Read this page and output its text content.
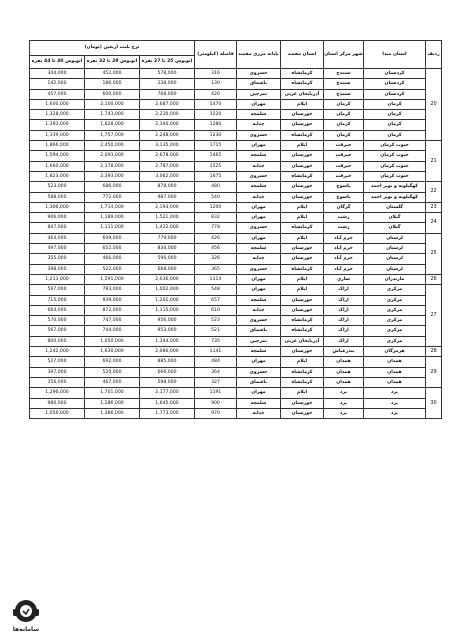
ردیف	استان مبدا	شهر مرکز استان	استان مقصد	پایانه مرزی مقصد	فاصله (کیلومتر)	نرخ بلیت اربعین (تومان)		
						اتوبوس 25 تا 27 نفره	اتوبوس 29 تا 32 نفره	اتوبوس 40 تا 44 نفره
20	کردستان	سنندج	کرمانشاه	خسروی	316	578,000	452,000	344,000
	کردستان	سنندج	کرمانشاه	باشماق	130	238,000	186,000	142,000
	کردستان	سنندج	آذربایجان غربی	تمرچین	420	768,000	600,000	457,000
	کرمان	کرمان	ایلام	مهران	1470	2,687,000	2,100,000	1,600,000
	کرمان	کرمان	خوزستان	شلمچه	1220	2,230,000	1,743,000	1,328,000
	کرمان	کرمان	خوزستان	چذابه	1280	2,340,000	1,828,000	1,393,000
	کرمان	کرمان	کرمانشاه	خسروی	1230	2,248,000	1,757,000	1,339,000
21	جنوب کرمان	جیرفت	ایلام	مهران	1715	3,135,000	2,450,000	1,866,000
	جنوب کرمان	جیرفت	خوزستان	شلمچه	1465	2,678,000	2,093,000	1,594,000
	جنوب کرمان	جیرفت	خوزستان	چذابه	1525	2,787,000	2,178,000	1,660,000
	جنوب کرمان	جیرفت	کرمانشاه	خسروی	1675	3,062,000	2,393,000	1,823,000
22	کهگیلویه و بویر احمد	یاسوج	خوزستان	شلمچه	480	878,000	686,000	523,000
	کهگیلویه و بویر احمد	یاسوج	خوزستان	چذابه	540	987,000	772,000	588,000
23	گلستان	گرگان	ایلام	مهران	1200	2,193,000	1,714,000	1,306,000
24	گیلان	رشت	ایلام	مهران	832	1,521,000	1,189,000	906,000
	گیلان	رشت	کرمانشاه	خسروی	778	1,422,000	1,111,000	847,000
25	لرستان	خرم آباد	ایلام	مهران	426	779,000	609,000	464,000
	لرستان	خرم آباد	خوزستان	شلمچه	456	834,000	652,000	497,000
	لرستان	خرم آباد	خوزستان	چذابه	326	596,000	466,000	355,000
	لرستان	خرم آباد	کرمانشاه	خسروی	365	668,000	522,000	398,000
26	مازندران	ساری	ایلام	مهران	1114	2,036,000	1,591,000	1,213,000
27	مرکزی	اراک	ایلام	مهران	548	1,002,000	783,000	597,000
	مرکزی	اراک	خوزستان	شلمچه	657	1,201,000	939,000	715,000
	مرکزی	اراک	خوزستان	چذابه	610	1,115,000	872,000	664,000
	مرکزی	اراک	کرمانشاه	خسروی	523	956,000	747,000	570,000
	مرکزی	اراک	کرمانشاه	باشماق	521	953,000	744,000	567,000
	مرکزی	اراک	آذربایجان غربی	تمرچین	735	1,344,000	1,050,000	800,000
28	هرمزگان	بندرعباس	خوزستان	شلمچه	1141	2,086,000	1,630,000	1,242,000
29	همدان	همدان	ایلام	مهران	484	885,000	692,000	527,000
	همدان	همدان	کرمانشاه	خسروی	364	666,000	520,000	397,000
	همدان	همدان	کرمانشاه	باشماق	327	598,000	467,000	356,000
30	یزد	یزد	ایلام	مهران	1191	2,177,000	1,701,000	1,296,000
	یزد	یزد	خوزستان	شلمچه	900	1,645,000	1,286,000	980,000
	یزد	یزد	خوزستان	چذابه	970	1,773,000	1,386,000	1,056,000
سامانه‌ها
